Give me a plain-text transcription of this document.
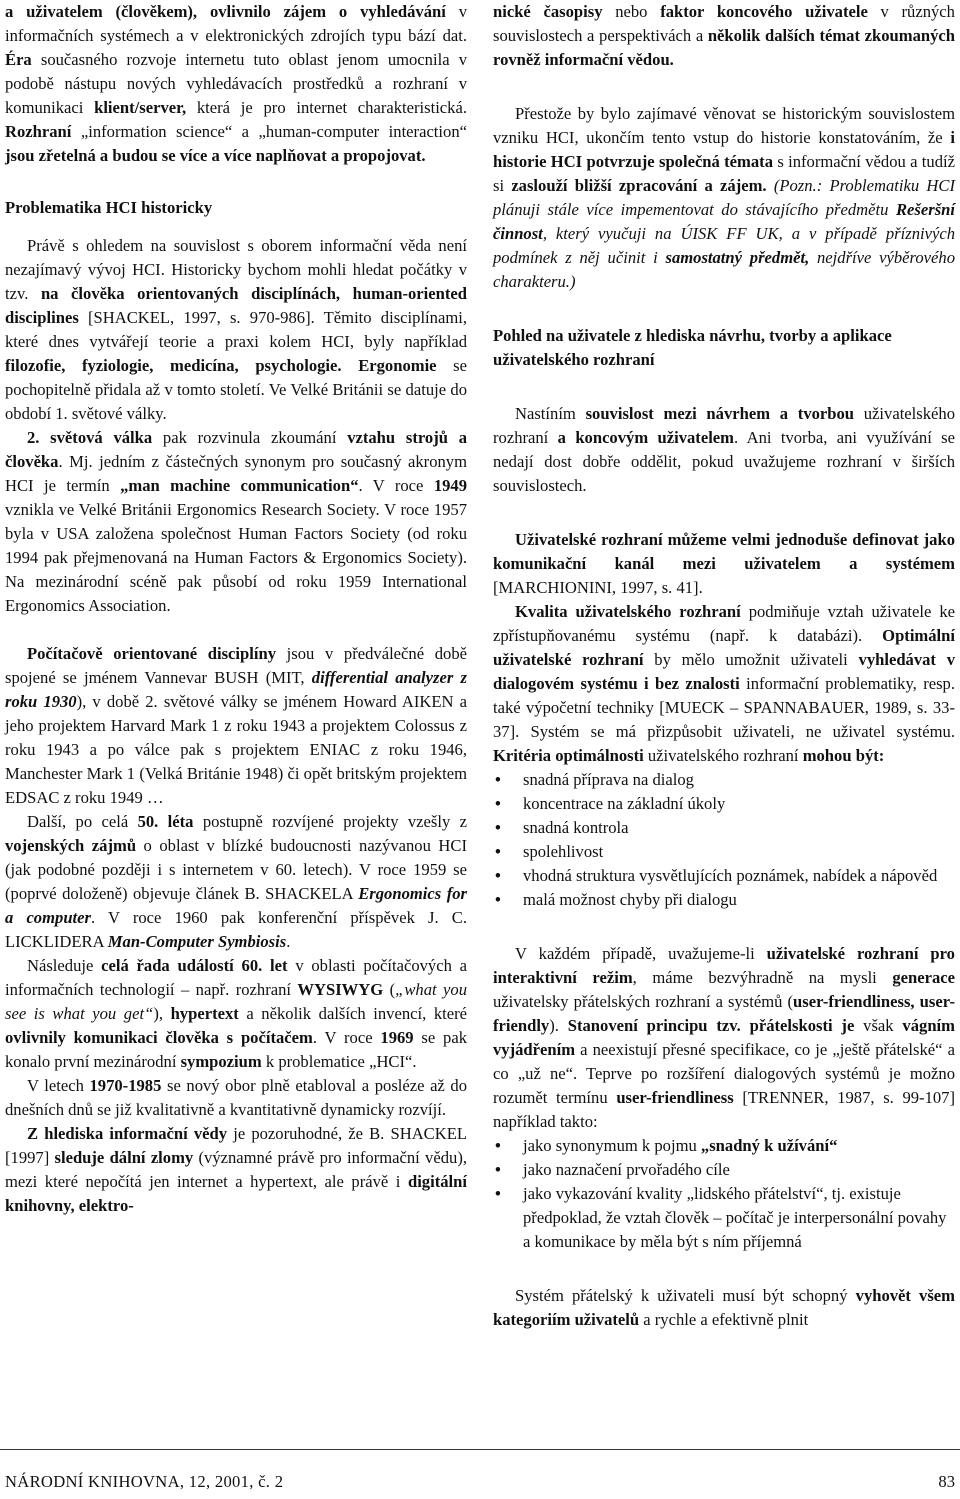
a uživatelem (člověkem), ovlivnilo zájem o vyhledávání v informačních systémech a v elektronických zdrojích typu bází dat. Éra současného rozvoje internetu tuto oblast jenom umocnila v podobě nástupu nových vyhledávacích prostředků a rozhraní v komunikaci klient/server, která je pro internet charakteristická. Rozhraní „information science“ a „human-computer interaction“ jsou zřetelná a budou se více a více naplňovat a propojovat.

Problematika HCI historicky

Právě s ohledem na souvislost s oborem informační věda není nezajímavý vývoj HCI. Historicky bychom mohli hledat počátky v tzv. na člověka orientovaných disciplínách, human-oriented disciplines [SHACKEL, 1997, s. 970-986]. Těmito disciplínami, které dnes vytvářejí teorie a praxi kolem HCI, byly například filozofie, fyziologie, medicína, psychologie. Ergonomie se pochopitelně přidala až v tomto století. Ve Velké Británii se datuje do období 1. světové války.

2. světová válka pak rozvinula zkoumání vztahu strojů a člověka. Mj. jedním z částečných synonym pro současný akronym HCI je termín „man machine communication“. V roce 1949 vznikla ve Velké Británii Ergonomics Research Society. V roce 1957 byla v USA založena společnost Human Factors Society (od roku 1994 pak přejmenovaná na Human Factors & Ergonomics Society). Na mezinárodní scéně pak působí od roku 1959 International Ergonomics Association.

Počítačově orientované disciplíny jsou v předválečné době spojené se jménem Vannevar BUSH (MIT, differential analyzer z roku 1930), v době 2. světové války se jménem Howard AIKEN a jeho projektem Harvard Mark 1 z roku 1943 a projektem Colossus z roku 1943 a po válce pak s projektem ENIAC z roku 1946, Manchester Mark 1 (Velká Británie 1948) či opět britským projektem EDSAC z roku 1949 …

Další, po celá 50. léta postupně rozvíjené projekty vzešly z vojenských zájmů o oblast v blízké budoucnosti nazývanou HCI (jak podobné později i s internetem v 60. letech). V roce 1959 se (poprvé doloženě) objevuje článek B. SHACKELA Ergonomics for a computer. V roce 1960 pak konferenční příspěvek J. C. LICKLIDERA Man-Computer Symbiosis.

Následuje celá řada událostí 60. let v oblasti počítačových a informačních technologií – např. rozhraní WYSIWYG („what you see is what you get“), hypertext a několik dalších invencí, které ovlivnily komunikaci člověka s počítačem. V roce 1969 se pak konalo první mezinárodní sympozium k problematice „HCI“.

V letech 1970-1985 se nový obor plně etabloval a posléze až do dnešních dnů se již kvalitativně a kvantitativně dynamicky rozvíjí.

Z hlediska informační vědy je pozoruhodné, že B. SHACKEL [1997] sleduje dální zlomy (významné právě pro informační vědu), mezi které nepočítá jen internet a hypertext, ale právě i digitální knihovny, elektro-

nické časopisy nebo faktor koncového uživatele v různých souvislostech a perspektivách a několik dalších témat zkoumaných rovněž informační vědou.

Přestože by bylo zajímavé věnovat se historickým souvislostem vzniku HCI, ukončím tento vstup do historie konstatováním, že i historie HCI potvrzuje společná témata s informační vědou a tudíž si zaslouží bližší zpracování a zájem. (Pozn.: Problematiku HCI plánuji stále více impementovat do stávajícího předmětu Rešeršní činnost, který vyučuji na ÚISK FF UK, a v případě příznivých podmínek z něj učinit i samostatný předmět, nejdříve výběrového charakteru.)

Pohled na uživatele z hlediska návrhu, tvorby a aplikace uživatelského rozhraní

Nastíním souvislost mezi návrhem a tvorbou uživatelského rozhraní a koncovým uživatelem. Ani tvorba, ani využívání se nedají dost dobře oddělit, pokud uvažujeme rozhraní v širších souvislostech.

Uživatelské rozhraní můžeme velmi jednoduše definovat jako komunikační kanál mezi uživatelem a systémem [MARCHIONINI, 1997, s. 41].

Kvalita uživatelského rozhraní podmiňuje vztah uživatele ke zpřístupňovanému systému (např. k databázi). Optimální uživatelské rozhraní by mělo umožnit uživateli vyhledávat v dialogovém systému i bez znalosti informační problematiky, resp. také výpočetní techniky [MUECK – SPANNABAUER, 1989, s. 33-37]. Systém se má přizpůsobit uživateli, ne uživatel systému. Kritéria optimálnosti uživatelského rozhraní mohou být:

• snadná příprava na dialog
• koncentrace na základní úkoly
• snadná kontrola
• spolehlivost
• vhodná struktura vysvětlujících poznámek, nabídek a nápověd
• malá možnost chyby při dialogu

V každém případě, uvažujeme-li uživatelské rozhraní pro interaktivní režim, máme bezvýhradně na mysli generace uživatelsky přátelských rozhraní a systémů (user-friendliness, user-friendly). Stanovení principu tzv. přátelskosti je však vágním vyjádřením a neexistují přesné specifikace, co je „ještě přátelské“ a co „už ne“. Teprve po rozšíření dialogových systémů je možno rozumět termínu user-friendliness [TRENNER, 1987, s. 99-107] například takto:

• jako synonymum k pojmu „snadný k užívání“
• jako naznačení prvořadého cíle
• jako vykazování kvality „lidského přátelství“, tj. existuje předpoklad, že vztah člověk – počítač je interpersonální povahy a komunikace by měla být s ním příjemná

Systém přátelský k uživateli musí být schopný vyhovět všem kategoriím uživatelů a rychle a efektivně plnit

NÁRODNÍ KNIHOVNA, 12, 2001, č. 2	83
